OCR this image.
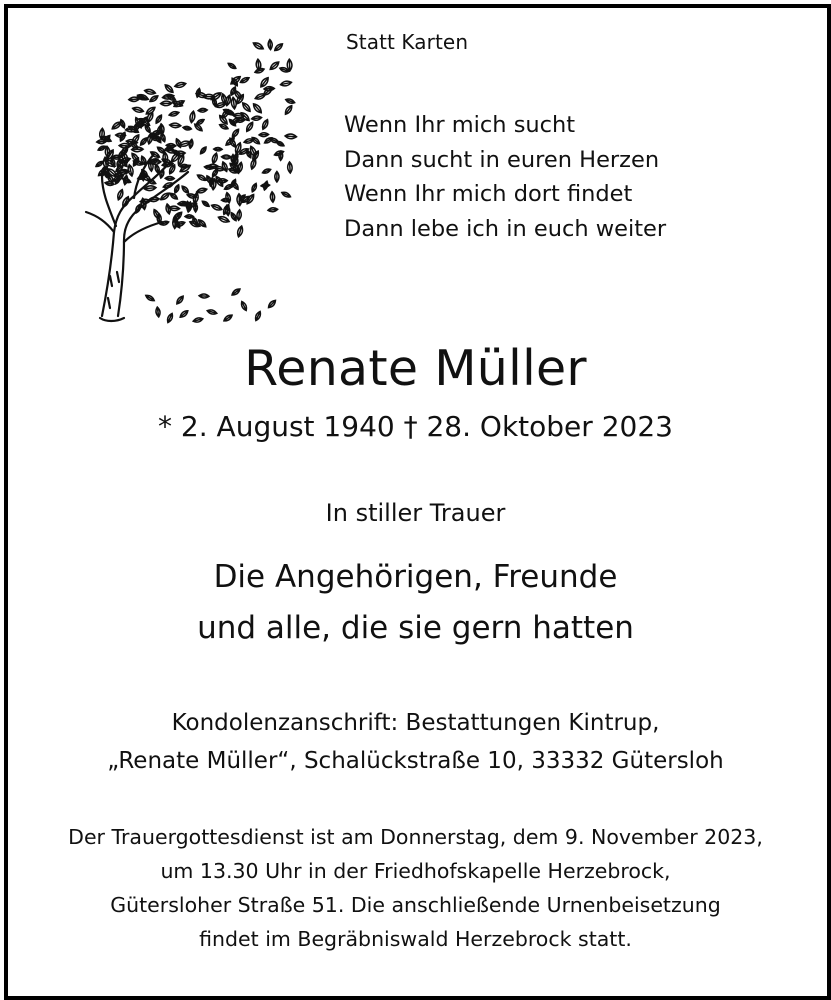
Statt Karten
Wenn Ihr mich sucht
Dann sucht in euren Herzen
Wenn Ihr mich dort findet
Dann lebe ich in euch weiter
Renate Müller
* 2. August 1940 † 28. Oktober 2023
In stiller Trauer
Die Angehörigen, Freunde
und alle, die sie gern hatten
Kondolenzanschrift: Bestattungen Kintrup,
„Renate Müller“, Schalückstraße 10, 33332 Gütersloh
Der Trauergottesdienst ist am Donnerstag, dem 9. November 2023,
um 13.30 Uhr in der Friedhofskapelle Herzebrock,
Gütersloher Straße 51. Die anschließende Urnenbeisetzung
findet im Begräbniswald Herzebrock statt.
